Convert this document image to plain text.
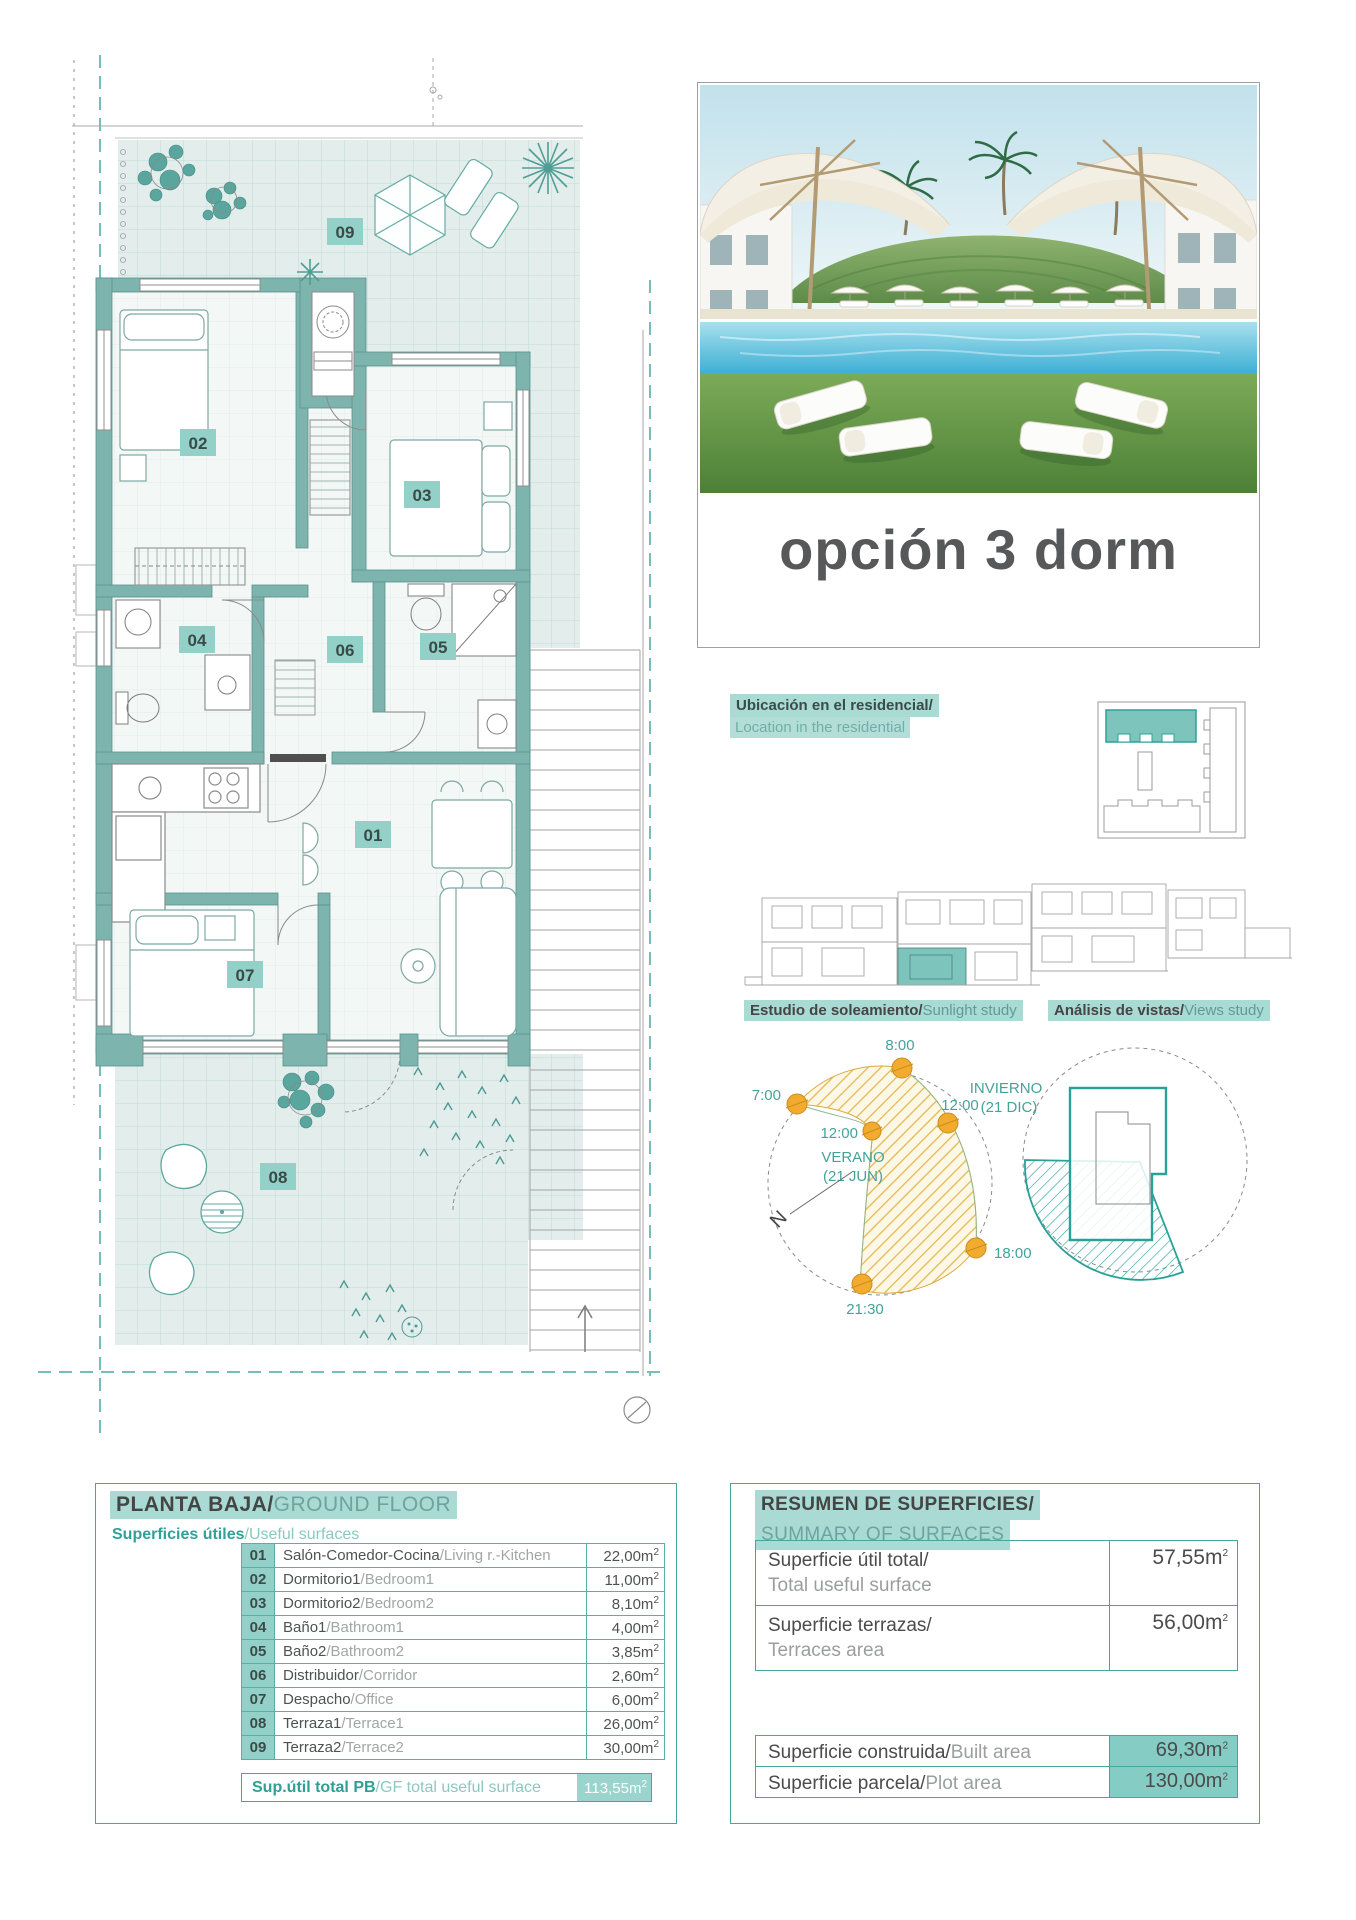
01
02
03
04	05
06
07
08
09
8:00
7:00
12:00
12:00
18:00
21:30
INVIERNO
(21 DIC)
VERANO
(21 JUN)
N
opción 3 dorm
Ubicación en el residencial/
Location in the residential
Estudio de soleamiento/Sunlight study	Análisis de vistas/Views study
PLANTA BAJA/GROUND FLOOR
Superficies útiles/Useful surfaces
01	Salón-Comedor-Cocina/Living r.-Kitchen	$22,00m^2$
02	Dormitorio1/Bedroom1	$11,00m^2$
03	Dormitorio2/Bedroom2	$8,10m^2$
04	Baño1/Bathroom1	$4,00m^2$
05	Baño2/Bathroom2	$3,85m^2$
06	Distribuidor/Corridor	$2,60m^2$
07	Despacho/Office	$6,00m^2$
08	Terraza1/Terrace1	$26,00m^2$
09	Terraza2/Terrace2	$30,00m^2$
Sup.útil total PB/GF total useful surface	$113,55m^2$
RESUMEN DE SUPERFICIES/
SUMMARY OF SURFACES
Superficie útil total/
Total useful surface
$57,55m^2$
Superficie terrazas/
Terraces area
$56,00m^2$
Superficie construida/Built area	$69,30m^2$
Superficie parcela/Plot area	$130,00m^2$
